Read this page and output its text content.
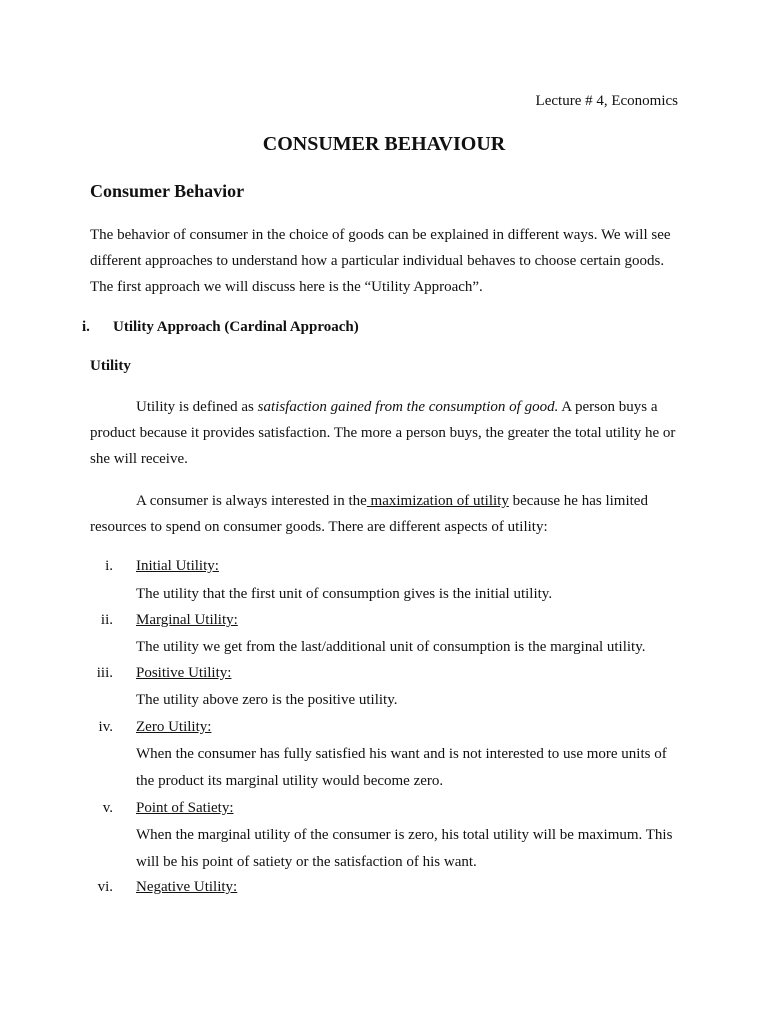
Lecture # 4, Economics

CONSUMER BEHAVIOUR

Consumer Behavior

The behavior of consumer in the choice of goods can be explained in different ways. We will see different approaches to understand how a particular individual behaves to choose certain goods. The first approach we will discuss here is the “Utility Approach”.

i. Utility Approach (Cardinal Approach)

Utility

Utility is defined as satisfaction gained from the consumption of good. A person buys a product because it provides satisfaction. The more a person buys, the greater the total utility he or she will receive.

A consumer is always interested in the maximization of utility because he has limited resources to spend on consumer goods. There are different aspects of utility:

i. Initial Utility:

The utility that the first unit of consumption gives is the initial utility.

ii. Marginal Utility:

The utility we get from the last/additional unit of consumption is the marginal utility.

iii. Positive Utility:

The utility above zero is the positive utility.

iv. Zero Utility:

When the consumer has fully satisfied his want and is not interested to use more units of the product its marginal utility would become zero.

v. Point of Satiety:

When the marginal utility of the consumer is zero, his total utility will be maximum. This will be his point of satiety or the satisfaction of his want.

vi. Negative Utility:
